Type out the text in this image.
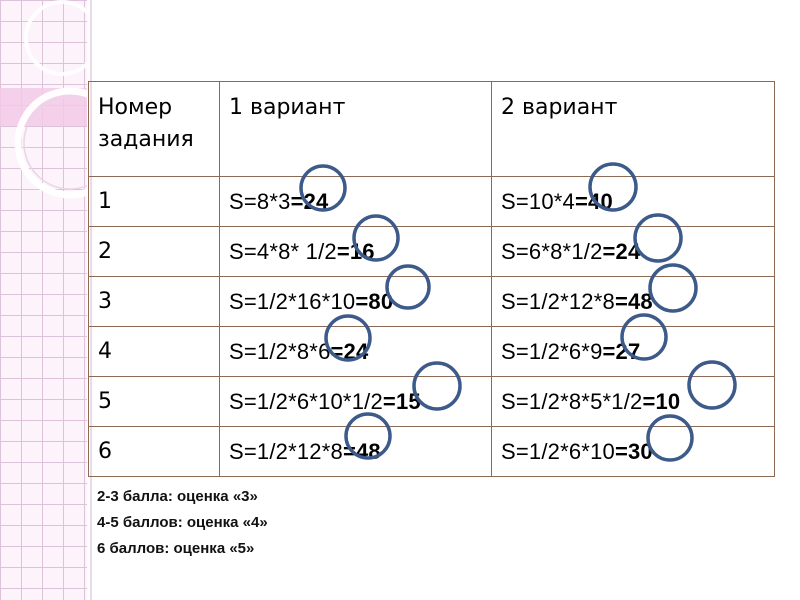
Номер
задания	1 вариант	2 вариант
1	S=8*3=24	S=10*4=40
2	S=4*8* 1/2=16	S=6*8*1/2=24
3	S=1/2*16*10=80	S=1/2*12*8=48
4	S=1/2*8*6=24	S=1/2*6*9=27
5	S=1/2*6*10*1/2=15	S=1/2*8*5*1/2=10
6	S=1/2*12*8=48	S=1/2*6*10=30
2-3 балла: оценка «3»
4-5 баллов: оценка «4»
6 баллов: оценка «5»
